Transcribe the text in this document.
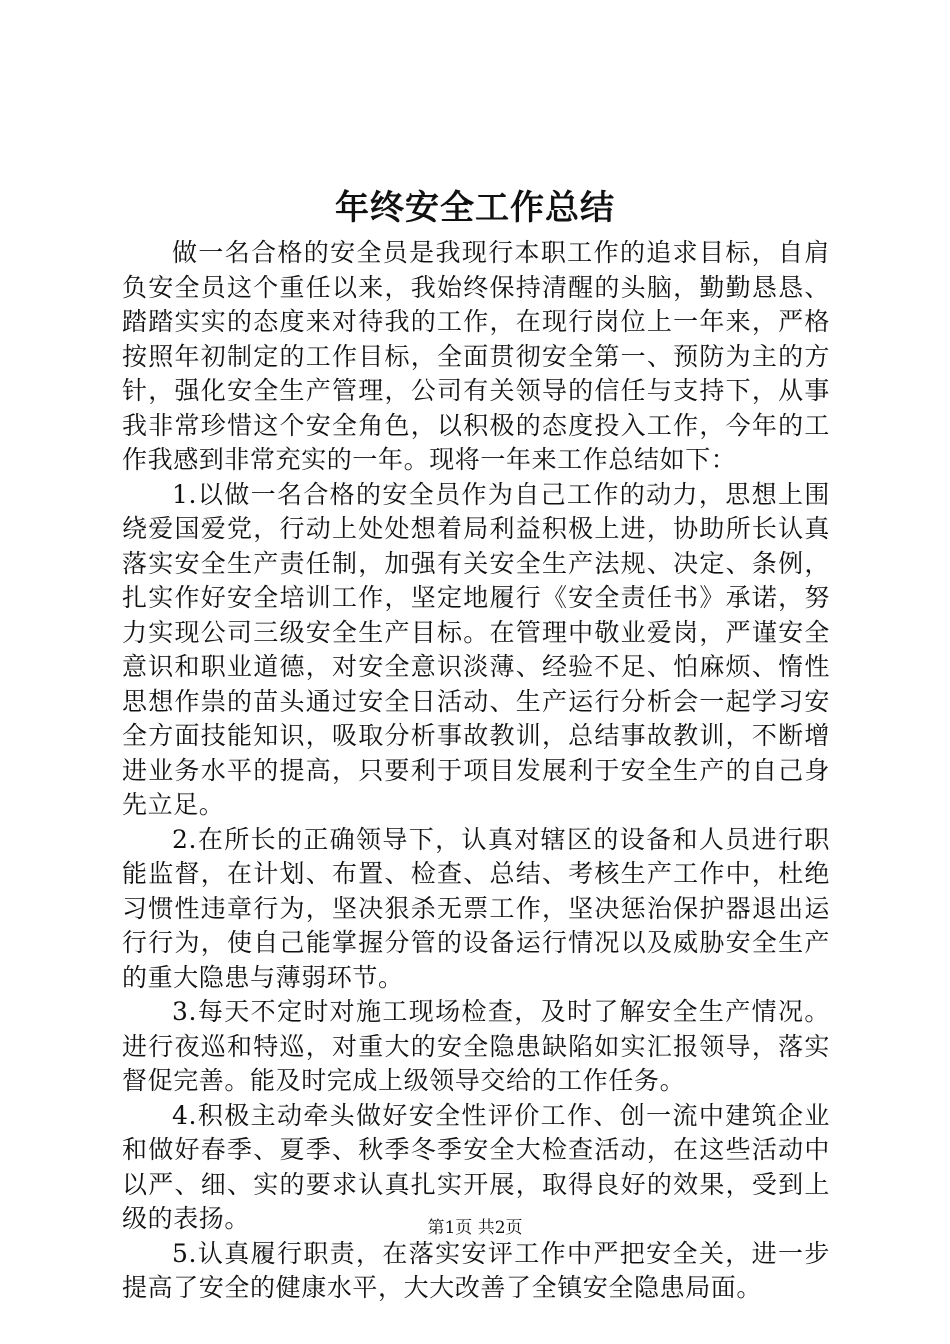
年终安全工作总结

做一名合格的安全员是我现行本职工作的追求目标，自肩负安全员这个重任以来，我始终保持清醒的头脑，勤勤恳恳、踏踏实实的态度来对待我的工作，在现行岗位上一年来，严格按照年初制定的工作目标，全面贯彻安全第一、预防为主的方针，强化安全生产管理，公司有关领导的信任与支持下，从事我非常珍惜这个安全角色，以积极的态度投入工作，今年的工作我感到非常充实的一年。现将一年来工作总结如下：

1.以做一名合格的安全员作为自己工作的动力，思想上围绕爱国爱党，行动上处处想着局利益积极上进，协助所长认真落实安全生产责任制，加强有关安全生产法规、决定、条例，扎实作好安全培训工作，坚定地履行《安全责任书》承诺，努力实现公司三级安全生产目标。在管理中敬业爱岗，严谨安全意识和职业道德，对安全意识淡薄、经验不足、怕麻烦、惰性思想作祟的苗头通过安全日活动、生产运行分析会一起学习安全方面技能知识，吸取分析事故教训，总结事故教训，不断增进业务水平的提高，只要利于项目发展利于安全生产的自己身先立足。

2.在所长的正确领导下，认真对辖区的设备和人员进行职能监督，在计划、布置、检查、总结、考核生产工作中，杜绝习惯性违章行为，坚决狠杀无票工作，坚决惩治保护器退出运行行为，使自己能掌握分管的设备运行情况以及威胁安全生产的重大隐患与薄弱环节。

3.每天不定时对施工现场检查，及时了解安全生产情况。进行夜巡和特巡，对重大的安全隐患缺陷如实汇报领导，落实督促完善。能及时完成上级领导交给的工作任务。

4.积极主动牵头做好安全性评价工作、创一流中建筑企业和做好春季、夏季、秋季冬季安全大检查活动，在这些活动中以严、细、实的要求认真扎实开展，取得良好的效果，受到上级的表扬。

5.认真履行职责，在落实安评工作中严把安全关，进一步提高了安全的健康水平，大大改善了全镇安全隐患局面。

第1页 共2页
